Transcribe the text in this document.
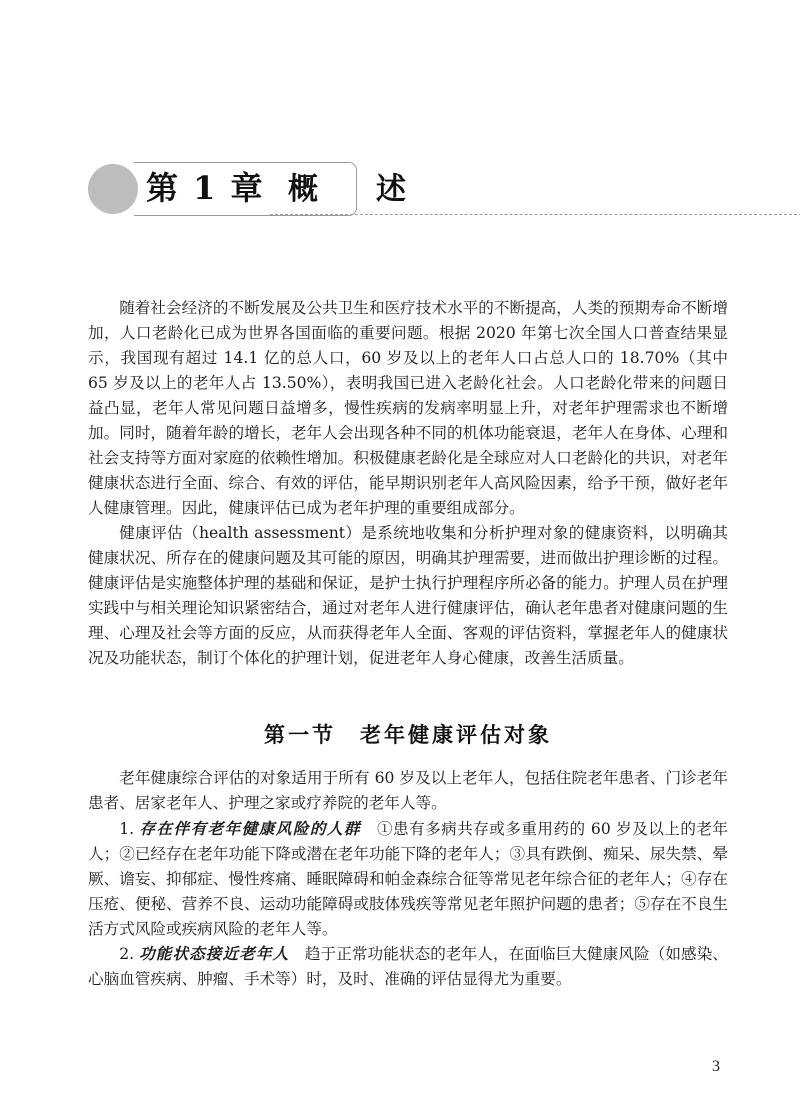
第 1 章 概述

随着社会经济的不断发展及公共卫生和医疗技术水平的不断提高，人类的预期寿命不断增加，人口老龄化已成为世界各国面临的重要问题。根据 2020 年第七次全国人口普查结果显示，我国现有超过 14.1 亿的总人口，60 岁及以上的老年人口占总人口的 18.70%（其中 65 岁及以上的老年人占 13.50%），表明我国已进入老龄化社会。人口老龄化带来的问题日益凸显，老年人常见问题日益增多，慢性疾病的发病率明显上升，对老年护理需求也不断增加。同时，随着年龄的增长，老年人会出现各种不同的机体功能衰退，老年人在身体、心理和社会支持等方面对家庭的依赖性增加。积极健康老龄化是全球应对人口老龄化的共识，对老年健康状态进行全面、综合、有效的评估，能早期识别老年人高风险因素，给予干预，做好老年人健康管理。因此，健康评估已成为老年护理的重要组成部分。

健康评估（health assessment）是系统地收集和分析护理对象的健康资料，以明确其健康状况、所存在的健康问题及其可能的原因，明确其护理需要，进而做出护理诊断的过程。健康评估是实施整体护理的基础和保证，是护士执行护理程序所必备的能力。护理人员在护理实践中与相关理论知识紧密结合，通过对老年人进行健康评估，确认老年患者对健康问题的生理、心理及社会等方面的反应，从而获得老年人全面、客观的评估资料，掌握老年人的健康状况及功能状态，制订个体化的护理计划，促进老年人身心健康，改善生活质量。

第一节　老年健康评估对象

老年健康综合评估的对象适用于所有 60 岁及以上老年人，包括住院老年患者、门诊老年患者、居家老年人、护理之家或疗养院的老年人等。

1. 存在伴有老年健康风险的人群　①患有多病共存或多重用药的 60 岁及以上的老年人；②已经存在老年功能下降或潜在老年功能下降的老年人；③具有跌倒、痴呆、尿失禁、晕厥、谵妄、抑郁症、慢性疼痛、睡眠障碍和帕金森综合征等常见老年综合征的老年人；④存在压疮、便秘、营养不良、运动功能障碍或肢体残疾等常见老年照护问题的患者；⑤存在不良生活方式风险或疾病风险的老年人等。

2. 功能状态接近老年人　趋于正常功能状态的老年人，在面临巨大健康风险（如感染、心脑血管疾病、肿瘤、手术等）时，及时、准确的评估显得尤为重要。

3
